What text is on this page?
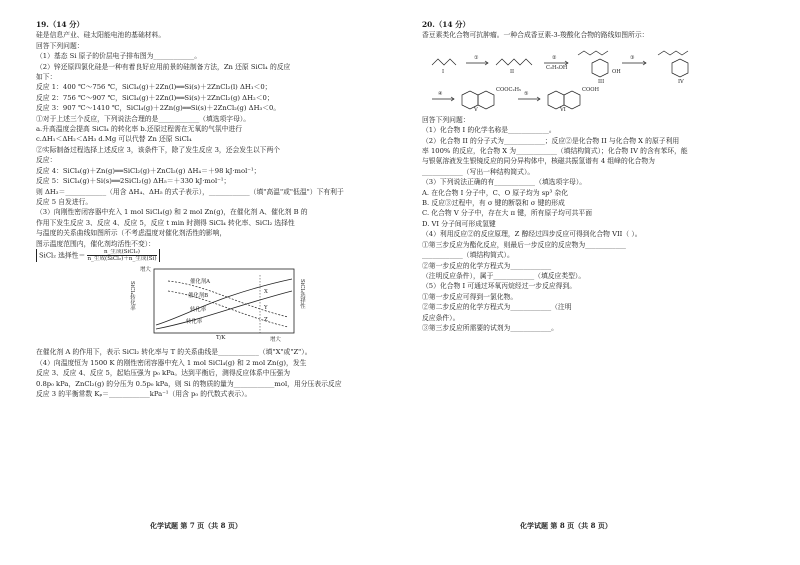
19.（14 分）
硅是信息产业、硅太阳能电池的基础材料。
回答下列问题：
（1）基态 Si 原子的价层电子排布图为____________。
（2）锌还原四氯化硅是一种有着良好应用前景的硅制备方法，Zn 还原 SiCl₄ 的反应
如下：
反应 1：400 ℃～756 ℃，SiCl₄(g)＋2Zn(l)══Si(s)＋2ZnCl₂(l) ΔH₁＜0；
反应 2：756 ℃～907 ℃，SiCl₄(g)＋2Zn(l)══Si(s)＋2ZnCl₂(g) ΔH₂＜0；
反应 3：907 ℃～1410 ℃，SiCl₄(g)＋2Zn(g)══Si(s)＋2ZnCl₂(g) ΔH₃＜0。
①对于上述三个反应，下列说法合理的是____________（填选项字母）。
a.升高温度会提高 SiCl₄ 的转化率 b.还原过程需在无氧的气氛中进行
c.ΔH₁＜ΔH₂＜ΔH₃ d.Mg 可以代替 Zn 还原 SiCl₄
②实际制备过程选择上述反应 3，该条件下，除了发生反应 3，还会发生以下两个
反应：
反应 4：SiCl₄(g)＋Zn(g)══SiCl₂(g)＋ZnCl₂(g) ΔH₄＝＋98 kJ·mol⁻¹；
反应 5：SiCl₄(g)＋Si(s)══2SiCl₂(g) ΔH₅＝＋330 kJ·mol⁻¹；
则 ΔH₃＝____________（用含 ΔH₄、ΔH₅ 的式子表示），____________（填"高温"或"低温"）下有利于
反应 5 自发进行。
（3）向刚性密闭容器中充入 1 mol SiCl₄(g) 和 2 mol Zn(g)，在催化剂 A、催化剂 B 的
作用下发生反应 3、反应 4、反应 5，反应 t min 时测得 SiCl₄ 转化率、SiCl₂ 选择性
与温度的关系曲线如图所示（不考虑温度对催化剂活性的影响，
图示温度范围内，催化剂均活性不变）：
SiCl₂ 选择性＝ $\frac{\text{n\_生成(SiCl₂)}}{\text{n\_生成(SiCl₂)＋n\_生成(Si)}}$
SiCl₄转化率	SiCl₂选择性
催化剂A
催化剂B
转化率
转化率
X
Y
Z
T/K	增大
增大
在催化剂 A 的作用下，表示 SiCl₂ 转化率与 T 的关系曲线是____________（填"X"或"Z"）。
（4）向温度恒为 1500 K 的刚性密闭容器中充入 1 mol SiCl₄(g) 和 2 mol Zn(g)，发生
反应 3、反应 4、反应 5，起始压强为 p₀ kPa。达到平衡后，测得反应体系中压强为
0.8p₀ kPa，ZnCl₂(g) 的分压为 0.5p₀ kPa，则 Si 的物质的量为____________mol，用分压表示反应
反应 3 的平衡常数 Kₚ＝____________kPa⁻¹（用含 p₀ 的代数式表示）。
化学试题 第 7 页（共 8 页）
20.（14 分）
香豆素类化合物可抗肿瘤。一种合成香豆素-3-羧酸化合物的路线如图所示：
I	II
III	IV
V	VI
①	②	③
④	⑤
C₂H₅OH
COOC₂H₅	COOH
OH
回答下列问题：
（1）化合物 I 的化学名称是____________。
（2）化合物 II 的分子式为____________；反应②是化合物 II 与化合物 X 的原子利用
率 100% 的反应，化合物 X 为____________（填结构简式）；化合物 IV 的含有苯环，能
与银氨溶液发生银镜反应的同分异构体中，核磁共振氢谱有 4 组峰的化合物为
____________（写出一种结构简式）。
（3）下列说法正确的有____________（填选项字母）。
A. 在化合物 I 分子中，C、O 原子均为 sp³ 杂化
B. 反应③过程中，有 σ 键的断裂和 σ 键的形成
C. 化合物 V 分子中，存在大 π 键，所有原子均可共平面
D. VI 分子间可形成氢键
（4）利用反应②的反应原理，Z 醇经过四步反应可得到化合物 VII（ ）。
①第三步反应为酯化反应，则最后一步反应的反应物为____________
____________（填结构简式）。
②第一步反应的化学方程式为____________
（注明反应条件），属于____________（填反应类型）。
（5）化合物 I 可通过环氧丙烷经过一步反应得到。
①第一步反应可得到一氯化物。
②第二步反应的化学方程式为____________（注明
反应条件）。
③第三步反应所需要的试剂为____________。
化学试题 第 8 页（共 8 页）
